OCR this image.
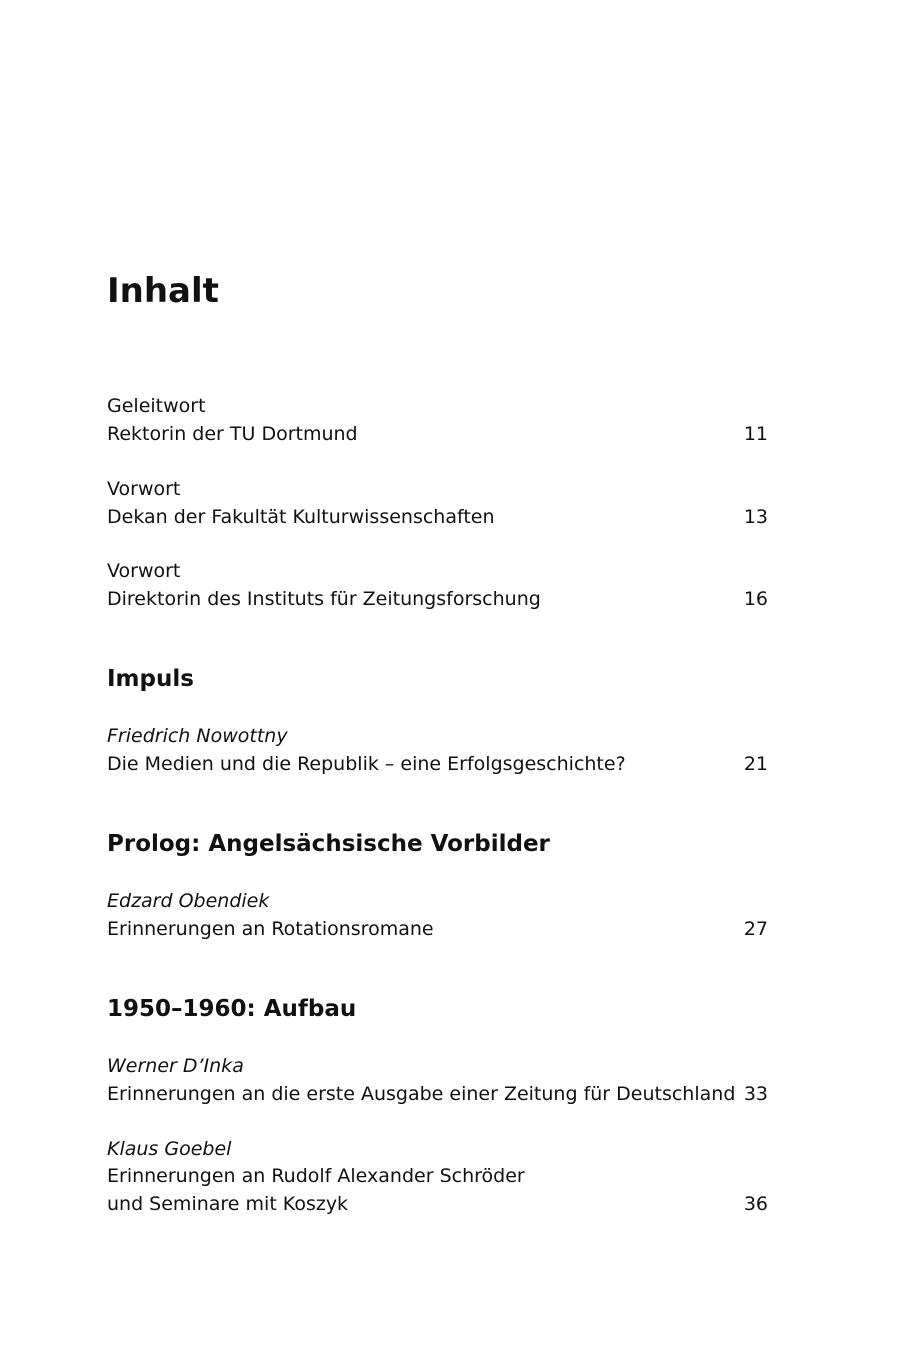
Inhalt
Geleitwort
Rektorin der TU Dortmund	11
Vorwort
Dekan der Fakultät Kulturwissenschaften	13
Vorwort
Direktorin des Instituts für Zeitungsforschung	16
Impuls
Friedrich Nowottny
Die Medien und die Republik – eine Erfolgsgeschichte?	21
Prolog: Angelsächsische Vorbilder
Edzard Obendiek
Erinnerungen an Rotationsromane	27
1950–1960: Aufbau
Werner D’Inka
Erinnerungen an die erste Ausgabe einer Zeitung für Deutschland 33
Klaus Goebel
Erinnerungen an Rudolf Alexander Schröder
und Seminare mit Koszyk	36
